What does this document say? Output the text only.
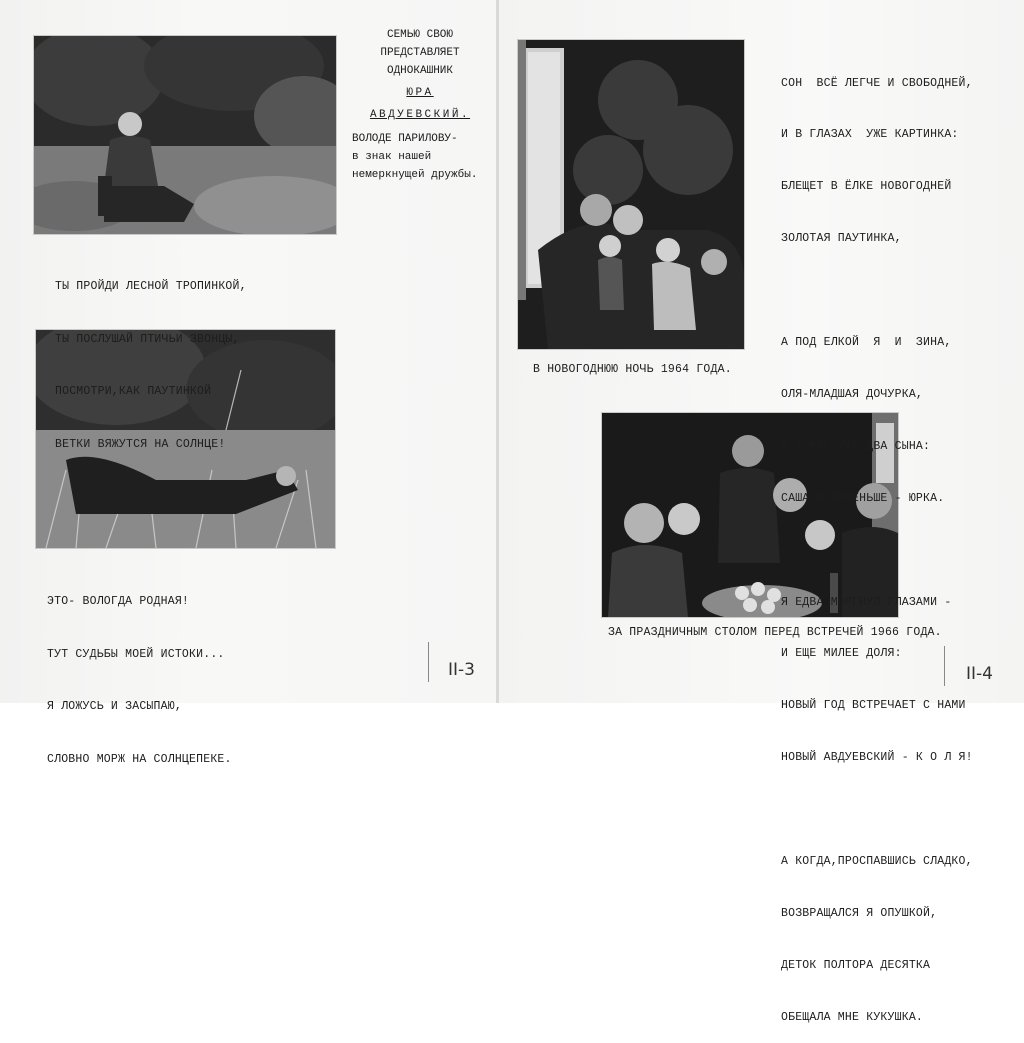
СЕМЬЮ СВОЮ
ПРЕДСТАВЛЯЕТ
ОДНОКАШНИК
ЮРА
АВДУЕВСКИЙ.
ВОЛОДЕ ПАРИЛОВУ-
в знак нашей
немеркнущей дружбы.

ТЫ ПРОЙДИ ЛЕСНОЙ ТРОПИНКОЙ,

ТЫ ПОСЛУШАЙ ПТИЧЬИ ЗВОНЦЫ,

ПОСМОТРИ,КАК ПАУТИНКОЙ

ВЕТКИ ВЯЖУТСЯ НА СОЛНЦЕ!

ЭТО- ВОЛОГДА РОДНАЯ!

ТУТ СУДЬБЫ МОЕЙ ИСТОКИ...

Я ЛОЖУСЬ И ЗАСЫПАЮ,

СЛОВНО МОРЖ НА СОЛНЦЕПЕКЕ.

II-3

СОН  ВСЁ ЛЕГЧЕ И СВОБОДНЕЙ,

И В ГЛАЗАХ  УЖЕ КАРТИНКА:

БЛЕЩЕТ В ЁЛКЕ НОВОГОДНЕЙ

ЗОЛОТАЯ ПАУТИНКА,

А ПОД ЕЛКОЙ  Я  И  ЗИНА,

ОЛЯ-МЛАДШАЯ ДОЧУРКА,

И У НАС УЖЕ ДВА СЫНА:

САША И ПОМЕНЬШЕ - ЮРКА.

Я ЕДВА МОРГНУЛ ГЛАЗАМИ -

И ЕЩЕ МИЛЕЕ ДОЛЯ:

НОВЫЙ ГОД ВСТРЕЧАЕТ С НАМИ

НОВЫЙ АВДУЕВСКИЙ - К О Л Я!

А КОГДА,ПРОСПАВШИСЬ СЛАДКО,

ВОЗВРАЩАЛСЯ Я ОПУШКОЙ,

ДЕТОК ПОЛТОРА ДЕСЯТКА

ОБЕЩАЛА МНЕ КУКУШКА.

В НОВОГОДНЮЮ НОЧЬ 1964 ГОДА.
ЗА ПРАЗДНИЧНЫМ СТОЛОМ ПЕРЕД ВСТРЕЧЕЙ 1966 ГОДА.
II-4
